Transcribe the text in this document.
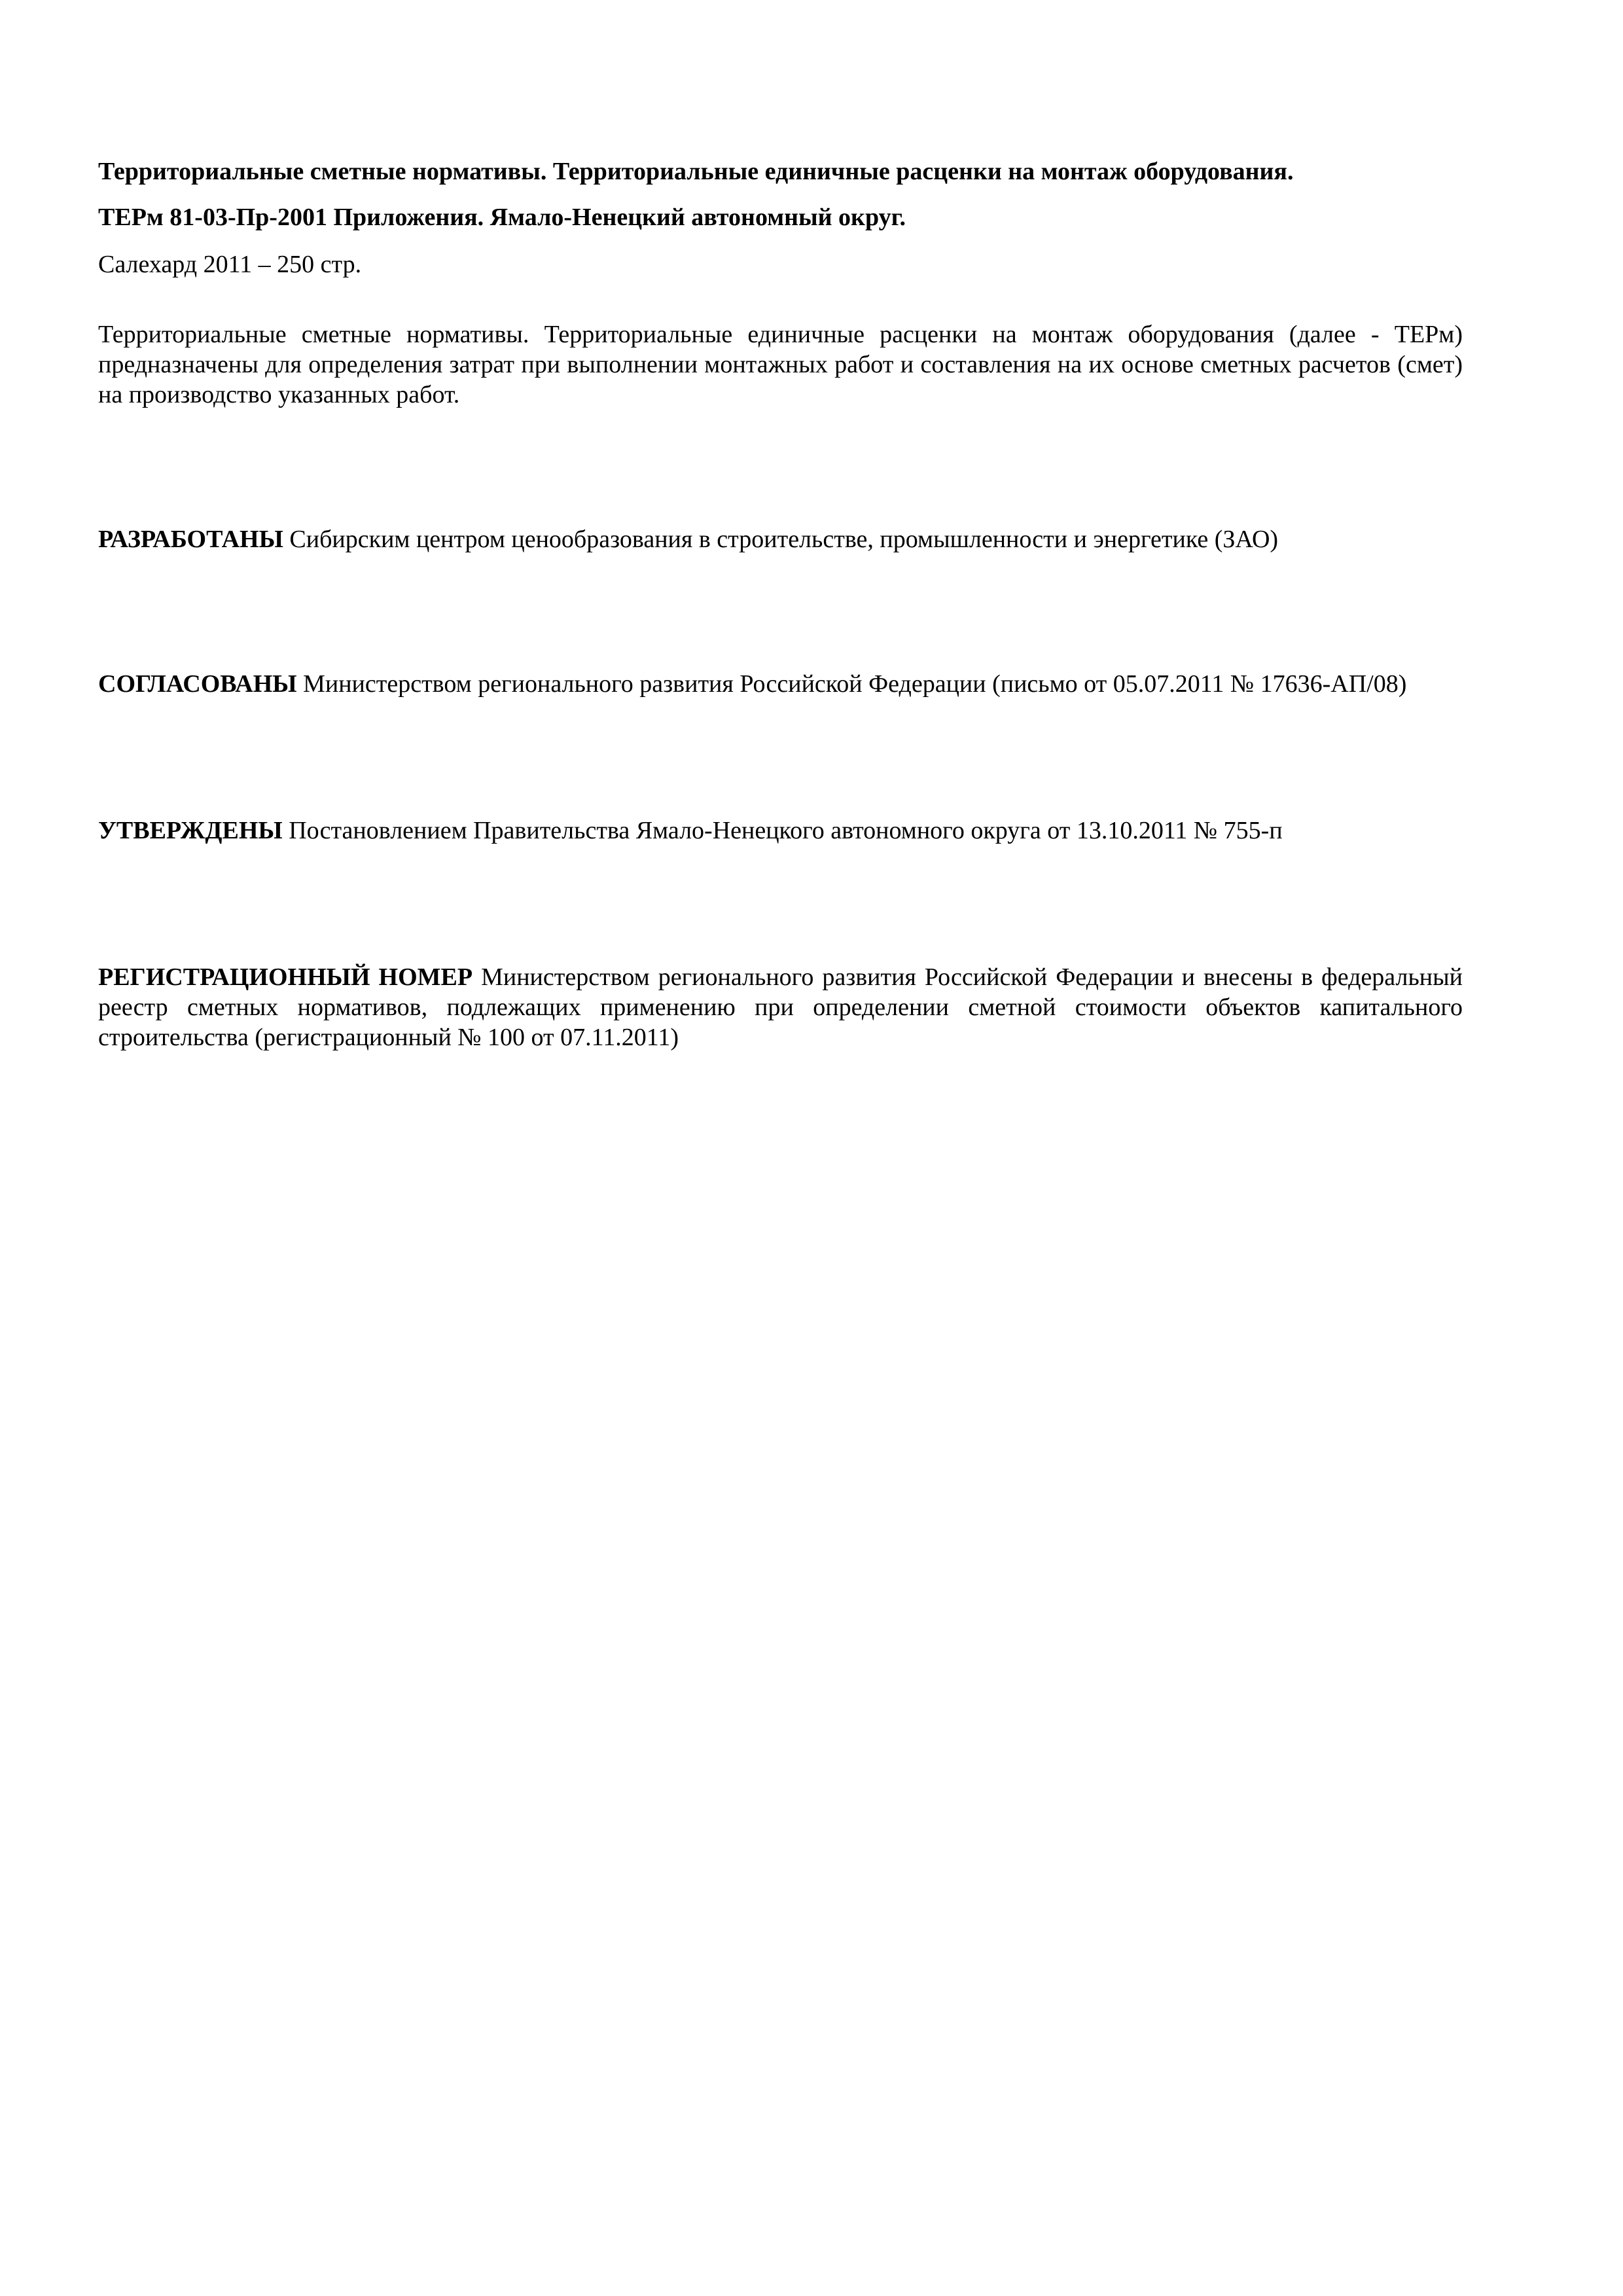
Территориальные сметные нормативы. Территориальные единичные расценки на монтаж оборудования.

ТЕРм 81-03-Пр-2001 Приложения. Ямало-Ненецкий автономный округ.

Салехард 2011 – 250 стр.

Территориальные сметные нормативы. Территориальные единичные расценки на монтаж оборудования (далее - ТЕРм) предназначены для определения затрат при выполнении монтажных работ и составления на их основе сметных расчетов (смет) на производство указанных работ.

РАЗРАБОТАНЫ Сибирским центром ценообразования в строительстве, промышленности и энергетике (ЗАО)

СОГЛАСОВАНЫ Министерством регионального развития Российской Федерации (письмо от 05.07.2011 № 17636-АП/08)

УТВЕРЖДЕНЫ Постановлением Правительства Ямало-Ненецкого автономного округа от 13.10.2011 № 755-п

РЕГИСТРАЦИОННЫЙ НОМЕР Министерством регионального развития Российской Федерации и внесены в федеральный реестр сметных нормативов, подлежащих применению при определении сметной стоимости объектов капитального строительства (регистрационный № 100 от 07.11.2011)
